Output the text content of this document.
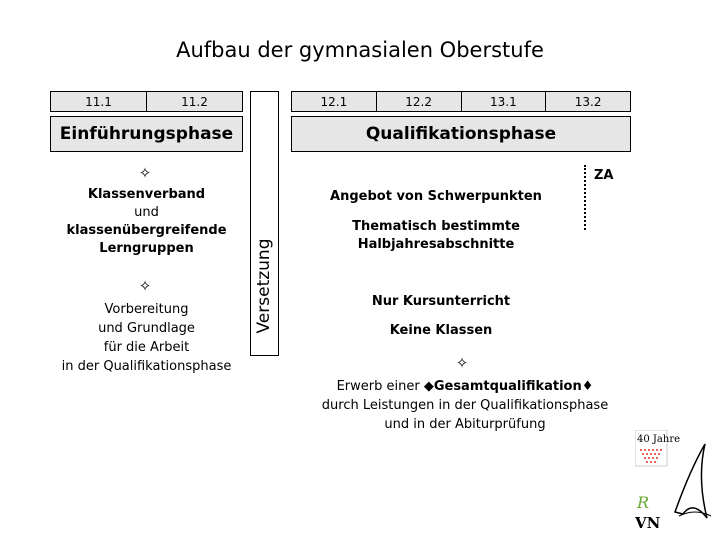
Aufbau der gymnasialen Oberstufe
11.1	11.2	12.1	12.2	13.1	13.2
Einführungsphase	Qualifikationsphase
Versetzung
✧
Klassenverband
und
klassenübergreifende
Lerngruppen
✧
Vorbereitung
und Grundlage
für die Arbeit
in der Qualifikationsphase
ZA
Angebot von Schwerpunkten
Thematisch bestimmte
Halbjahresabschnitte
Nur Kursunterricht
Keine Klassen
✧
Erwerb einer ◆Gesamtqualifikation♦
durch Leistungen in der Qualifikationsphase
und in der Abiturprüfung
40 Jahre
R
VN
